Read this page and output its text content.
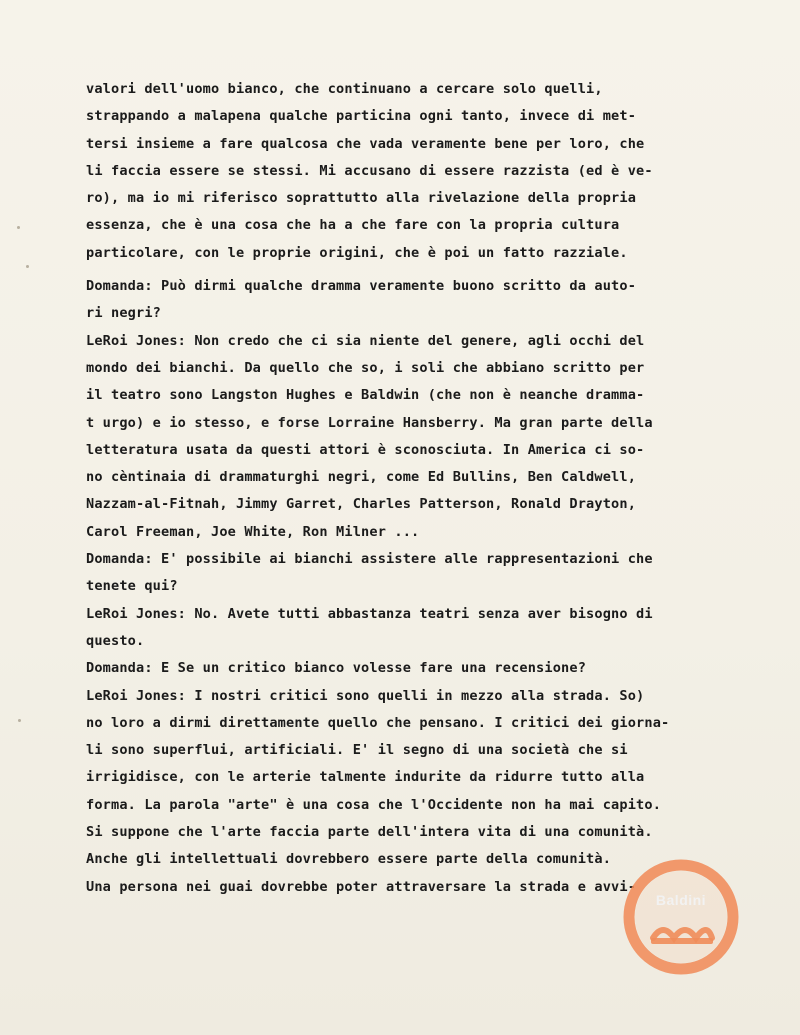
valori dell'uomo bianco, che continuano a cercare solo quelli,
strappando a malapena qualche particina ogni tanto, invece di met-
tersi insieme a fare qualcosa che vada veramente bene per loro, che
li faccia essere se stessi. Mi accusano di essere razzista (ed è ve-
ro), ma io mi riferisco soprattutto alla rivelazione della propria
essenza, che è una cosa che ha a che fare con la propria cultura
particolare, con le proprie origini, che è poi un fatto razziale.
Domanda: Può dirmi qualche dramma veramente buono scritto da auto-
ri negri?
LeRoi Jones: Non credo che ci sia niente del genere, agli occhi del
mondo dei bianchi. Da quello che so, i soli che abbiano scritto per
il teatro sono Langston Hughes e Baldwin (che non è neanche dramma-
t urgo) e io stesso, e forse Lorraine Hansberry. Ma gran parte della
letteratura usata da questi attori è sconosciuta. In America ci so-
no cèntinaia di drammaturghi negri, come Ed Bullins, Ben Caldwell,
Nazzam-al-Fitnah, Jimmy Garret, Charles Patterson, Ronald Drayton,
Carol Freeman, Joe White, Ron Milner ...
Domanda: E' possibile ai bianchi assistere alle rappresentazioni che
tenete qui?
LeRoi Jones: No. Avete tutti abbastanza teatri senza aver bisogno di
questo.
Domanda: E Se un critico bianco volesse fare una recensione?
LeRoi Jones: I nostri critici sono quelli in mezzo alla strada. So)
no loro a dirmi direttamente quello che pensano. I critici dei giorna-
li sono superflui, artificiali. E' il segno di una società che si
irrigidisce, con le arterie talmente indurite da ridurre tutto alla
forma. La parola "arte" è una cosa che l'Occidente non ha mai capito.
Si suppone che l'arte faccia parte dell'intera vita di una comunità.
Anche gli intellettuali dovrebbero essere parte della comunità.
Una persona nei guai dovrebbe poter attraversare la strada e avvi-
Baldini
